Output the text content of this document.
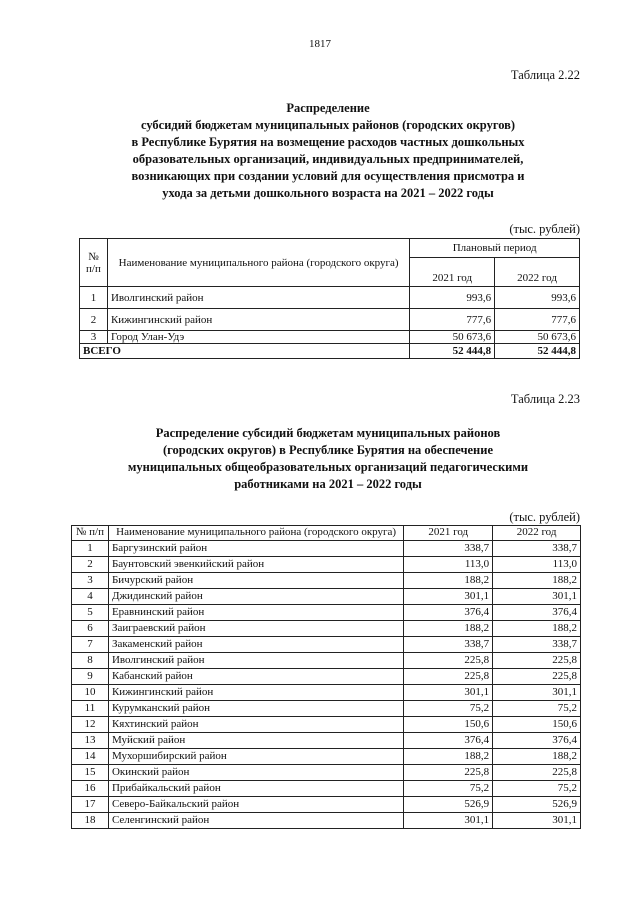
1817
Таблица 2.22
Распределение
субсидий бюджетам муниципальных районов (городских округов)
в Республике Бурятия на возмещение расходов частных дошкольных
образовательных организаций, индивидуальных предпринимателей,
возникающих при создании условий для осуществления присмотра и
ухода за детьми дошкольного возраста на 2021 – 2022 годы
(тыс. рублей)
№ п/п	Наименование муниципального района (городского округа)	Плановый период	
		2021 год	2022 год
1	Иволгинский район	993,6	993,6
2	Кижингинский район	777,6	777,6
3	Город Улан-Удэ	50 673,6	50 673,6
ВСЕГО		52 444,8	52 444,8
Таблица 2.23
Распределение субсидий бюджетам муниципальных районов
(городских округов) в Республике Бурятия на обеспечение
муниципальных общеобразовательных организаций педагогическими
работниками на 2021 – 2022 годы
(тыс. рублей)
№ п/п	Наименование муниципального района (городского округа)	2021 год	2022 год
1	Баргузинский район	338,7	338,7
2	Баунтовский эвенкийский район	113,0	113,0
3	Бичурский район	188,2	188,2
4	Джидинский район	301,1	301,1
5	Еравнинский район	376,4	376,4
6	Заиграевский район	188,2	188,2
7	Закаменский район	338,7	338,7
8	Иволгинский район	225,8	225,8
9	Кабанский район	225,8	225,8
10	Кижингинский район	301,1	301,1
11	Курумканский район	75,2	75,2
12	Кяхтинский район	150,6	150,6
13	Муйский район	376,4	376,4
14	Мухоршибирский район	188,2	188,2
15	Окинский район	225,8	225,8
16	Прибайкальский район	75,2	75,2
17	Северо-Байкальский район	526,9	526,9
18	Селенгинский район	301,1	301,1
